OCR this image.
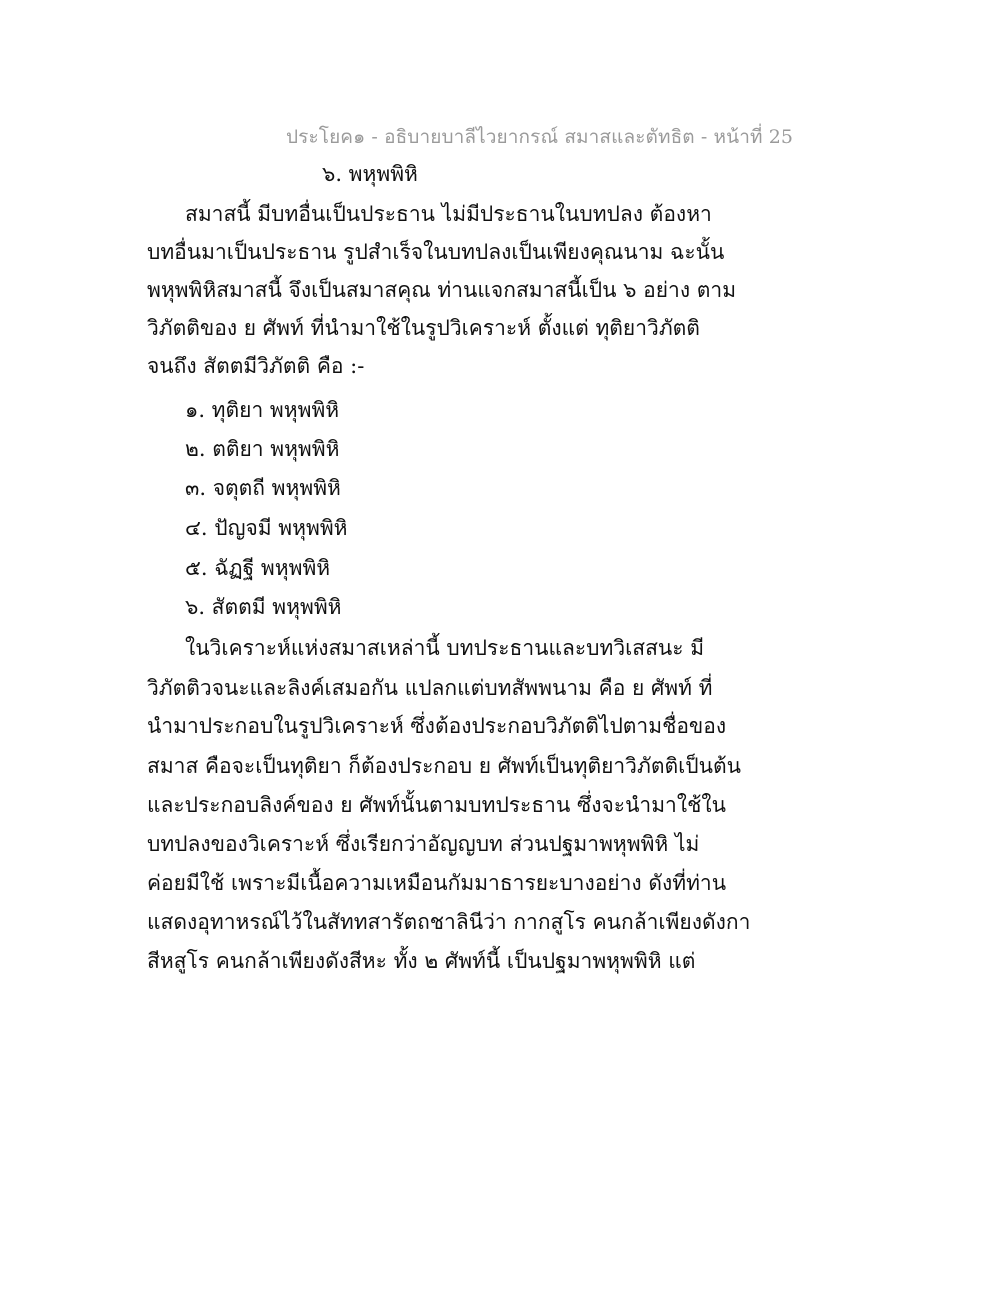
ประโยค๑ - อธิบายบาลีไวยากรณ์ สมาสและตัทธิต - หน้าที่ 25
๖. พหุพพิหิ
สมาสนี้ มีบทอื่นเป็นประธาน ไม่มีประธานในบทปลง ต้องหา
บทอื่นมาเป็นประธาน รูปสำเร็จในบทปลงเป็นเพียงคุณนาม ฉะนั้น
พหุพพิหิสมาสนี้ จึงเป็นสมาสคุณ ท่านแจกสมาสนี้เป็น ๖ อย่าง ตาม
วิภัตติของ ย ศัพท์ ที่นำมาใช้ในรูปวิเคราะห์ ตั้งแต่ ทุติยาวิภัตติ
จนถึง สัตตมีวิภัตติ คือ :-
๑. ทุติยา พหุพพิหิ
๒. ตติยา พหุพพิหิ
๓. จตุตถี พหุพพิหิ
๔. ปัญจมี พหุพพิหิ
๕. ฉัฏฐี พหุพพิหิ
๖. สัตตมี พหุพพิหิ
ในวิเคราะห์แห่งสมาสเหล่านี้ บทประธานและบทวิเสสนะ มี
วิภัตติวจนะและลิงค์เสมอกัน แปลกแต่บทสัพพนาม คือ ย ศัพท์ ที่
นำมาประกอบในรูปวิเคราะห์ ซึ่งต้องประกอบวิภัตติไปตามชื่อของ
สมาส คือจะเป็นทุติยา ก็ต้องประกอบ ย ศัพท์เป็นทุติยาวิภัตติเป็นต้น
และประกอบลิงค์ของ ย ศัพท์นั้นตามบทประธาน ซึ่งจะนำมาใช้ใน
บทปลงของวิเคราะห์ ซึ่งเรียกว่าอัญญบท ส่วนปฐมาพหุพพิหิ ไม่
ค่อยมีใช้ เพราะมีเนื้อความเหมือนกัมมาธารยะบางอย่าง ดังที่ท่าน
แสดงอุทาหรณ์ไว้ในสัททสารัตถชาลินีว่า กากสูโร คนกล้าเพียงดังกา
สีหสูโร คนกล้าเพียงดังสีหะ ทั้ง ๒ ศัพท์นี้ เป็นปฐมาพหุพพิหิ แต่
